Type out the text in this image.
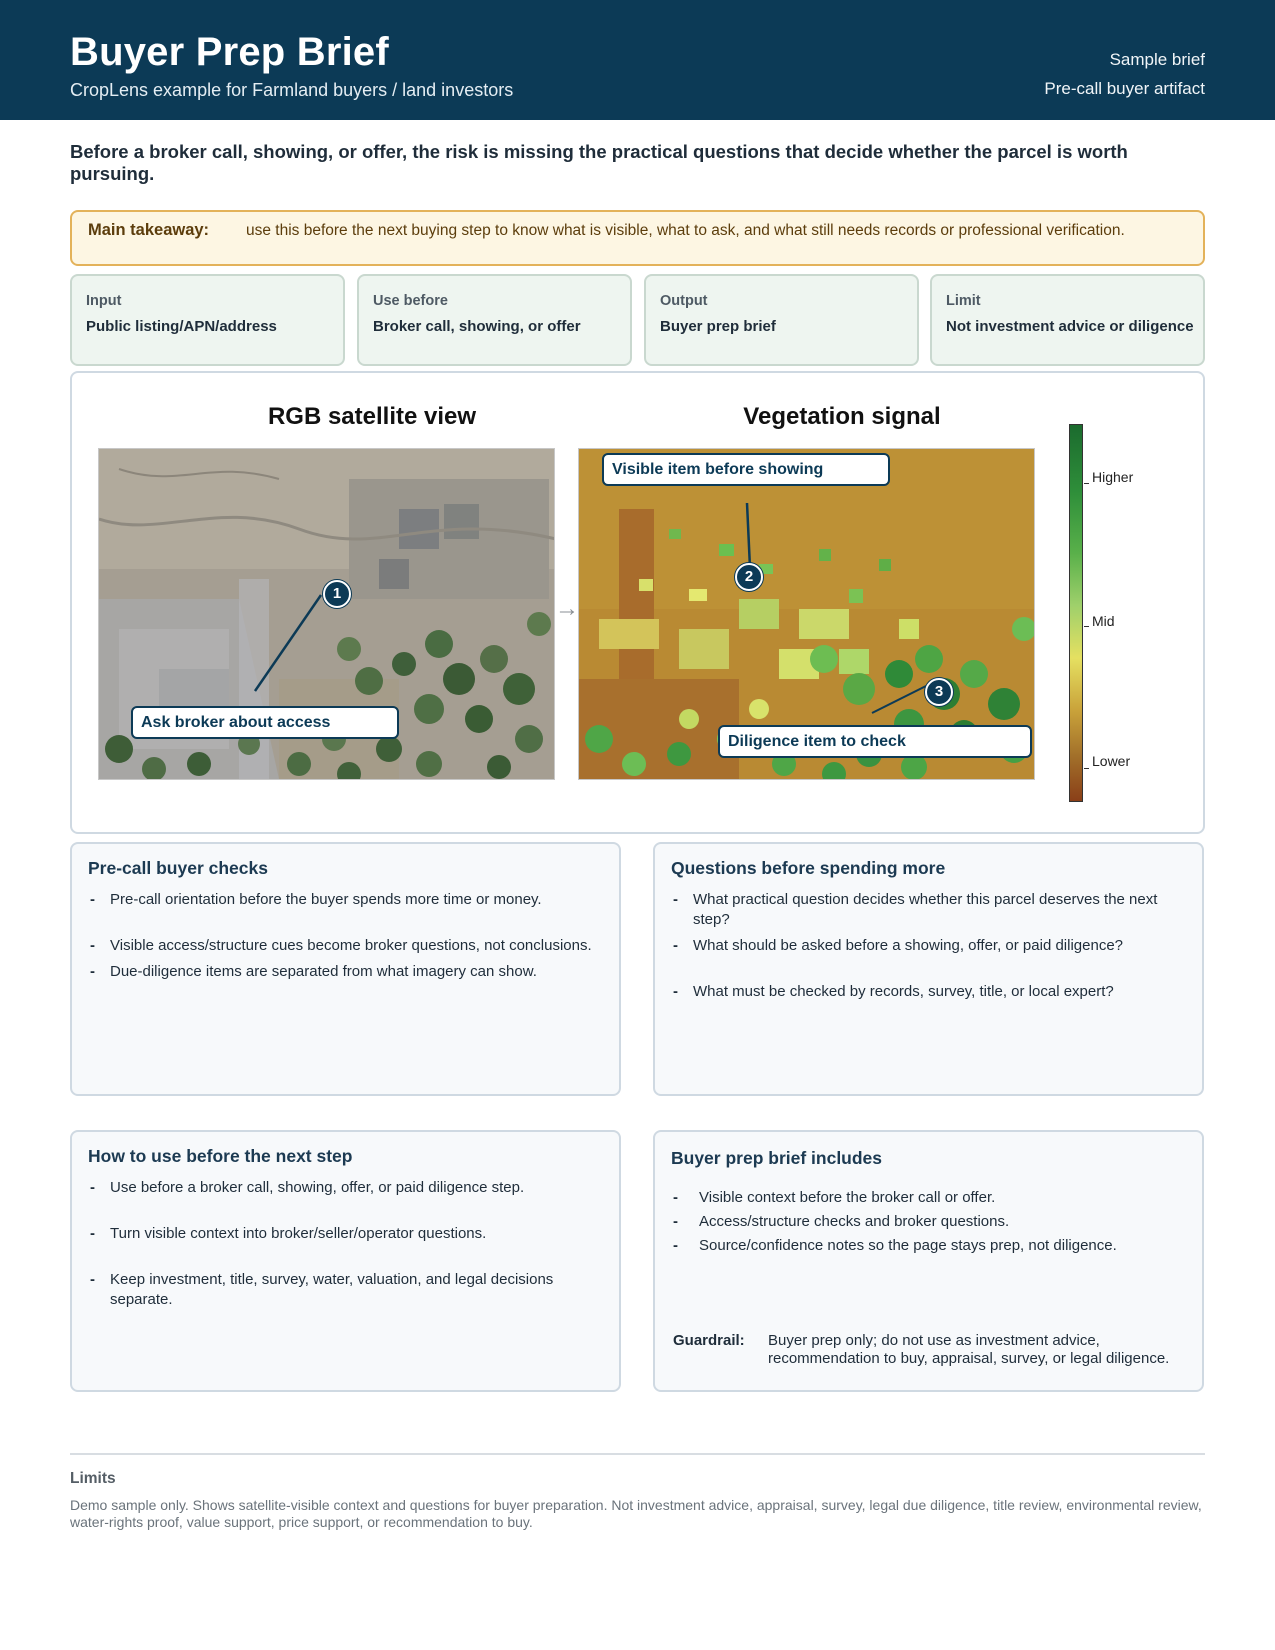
Buyer Prep Brief
CropLens example for Farmland buyers / land investors
Sample brief
Pre-call buyer artifact
Before a broker call, showing, or offer, the risk is missing the practical questions that decide whether the parcel is worth pursuing.
Main takeaway: use this before the next buying step to know what is visible, what to ask, and what still needs records or professional verification.
Input
Public listing/APN/address
Use before
Broker call, showing, or offer
Output
Buyer prep brief
Limit
Not investment advice or diligence
RGB satellite view	Vegetation signal
→
1
2
3
Ask broker about access
Visible item before showing
Diligence item to check
Higher
Mid
Lower
Pre-call buyer checks
- Pre-call orientation before the buyer spends more time or money.
- Visible access/structure cues become broker questions, not conclusions.
- Due-diligence items are separated from what imagery can show.
Questions before spending more
- What practical question decides whether this parcel deserves the next step?
- What should be asked before a showing, offer, or paid diligence?
- What must be checked by records, survey, title, or local expert?
How to use before the next step
- Use before a broker call, showing, offer, or paid diligence step.
- Turn visible context into broker/seller/operator questions.
- Keep investment, title, survey, water, valuation, and legal decisions separate.
Buyer prep brief includes
- Visible context before the broker call or offer.
- Access/structure checks and broker questions.
- Source/confidence notes so the page stays prep, not diligence.
Guardrail: Buyer prep only; do not use as investment advice, recommendation to buy, appraisal, survey, or legal diligence.
Limits
Demo sample only. Shows satellite-visible context and questions for buyer preparation. Not investment advice, appraisal, survey, legal due diligence, title review, environmental review, water-rights proof, value support, price support, or recommendation to buy.
